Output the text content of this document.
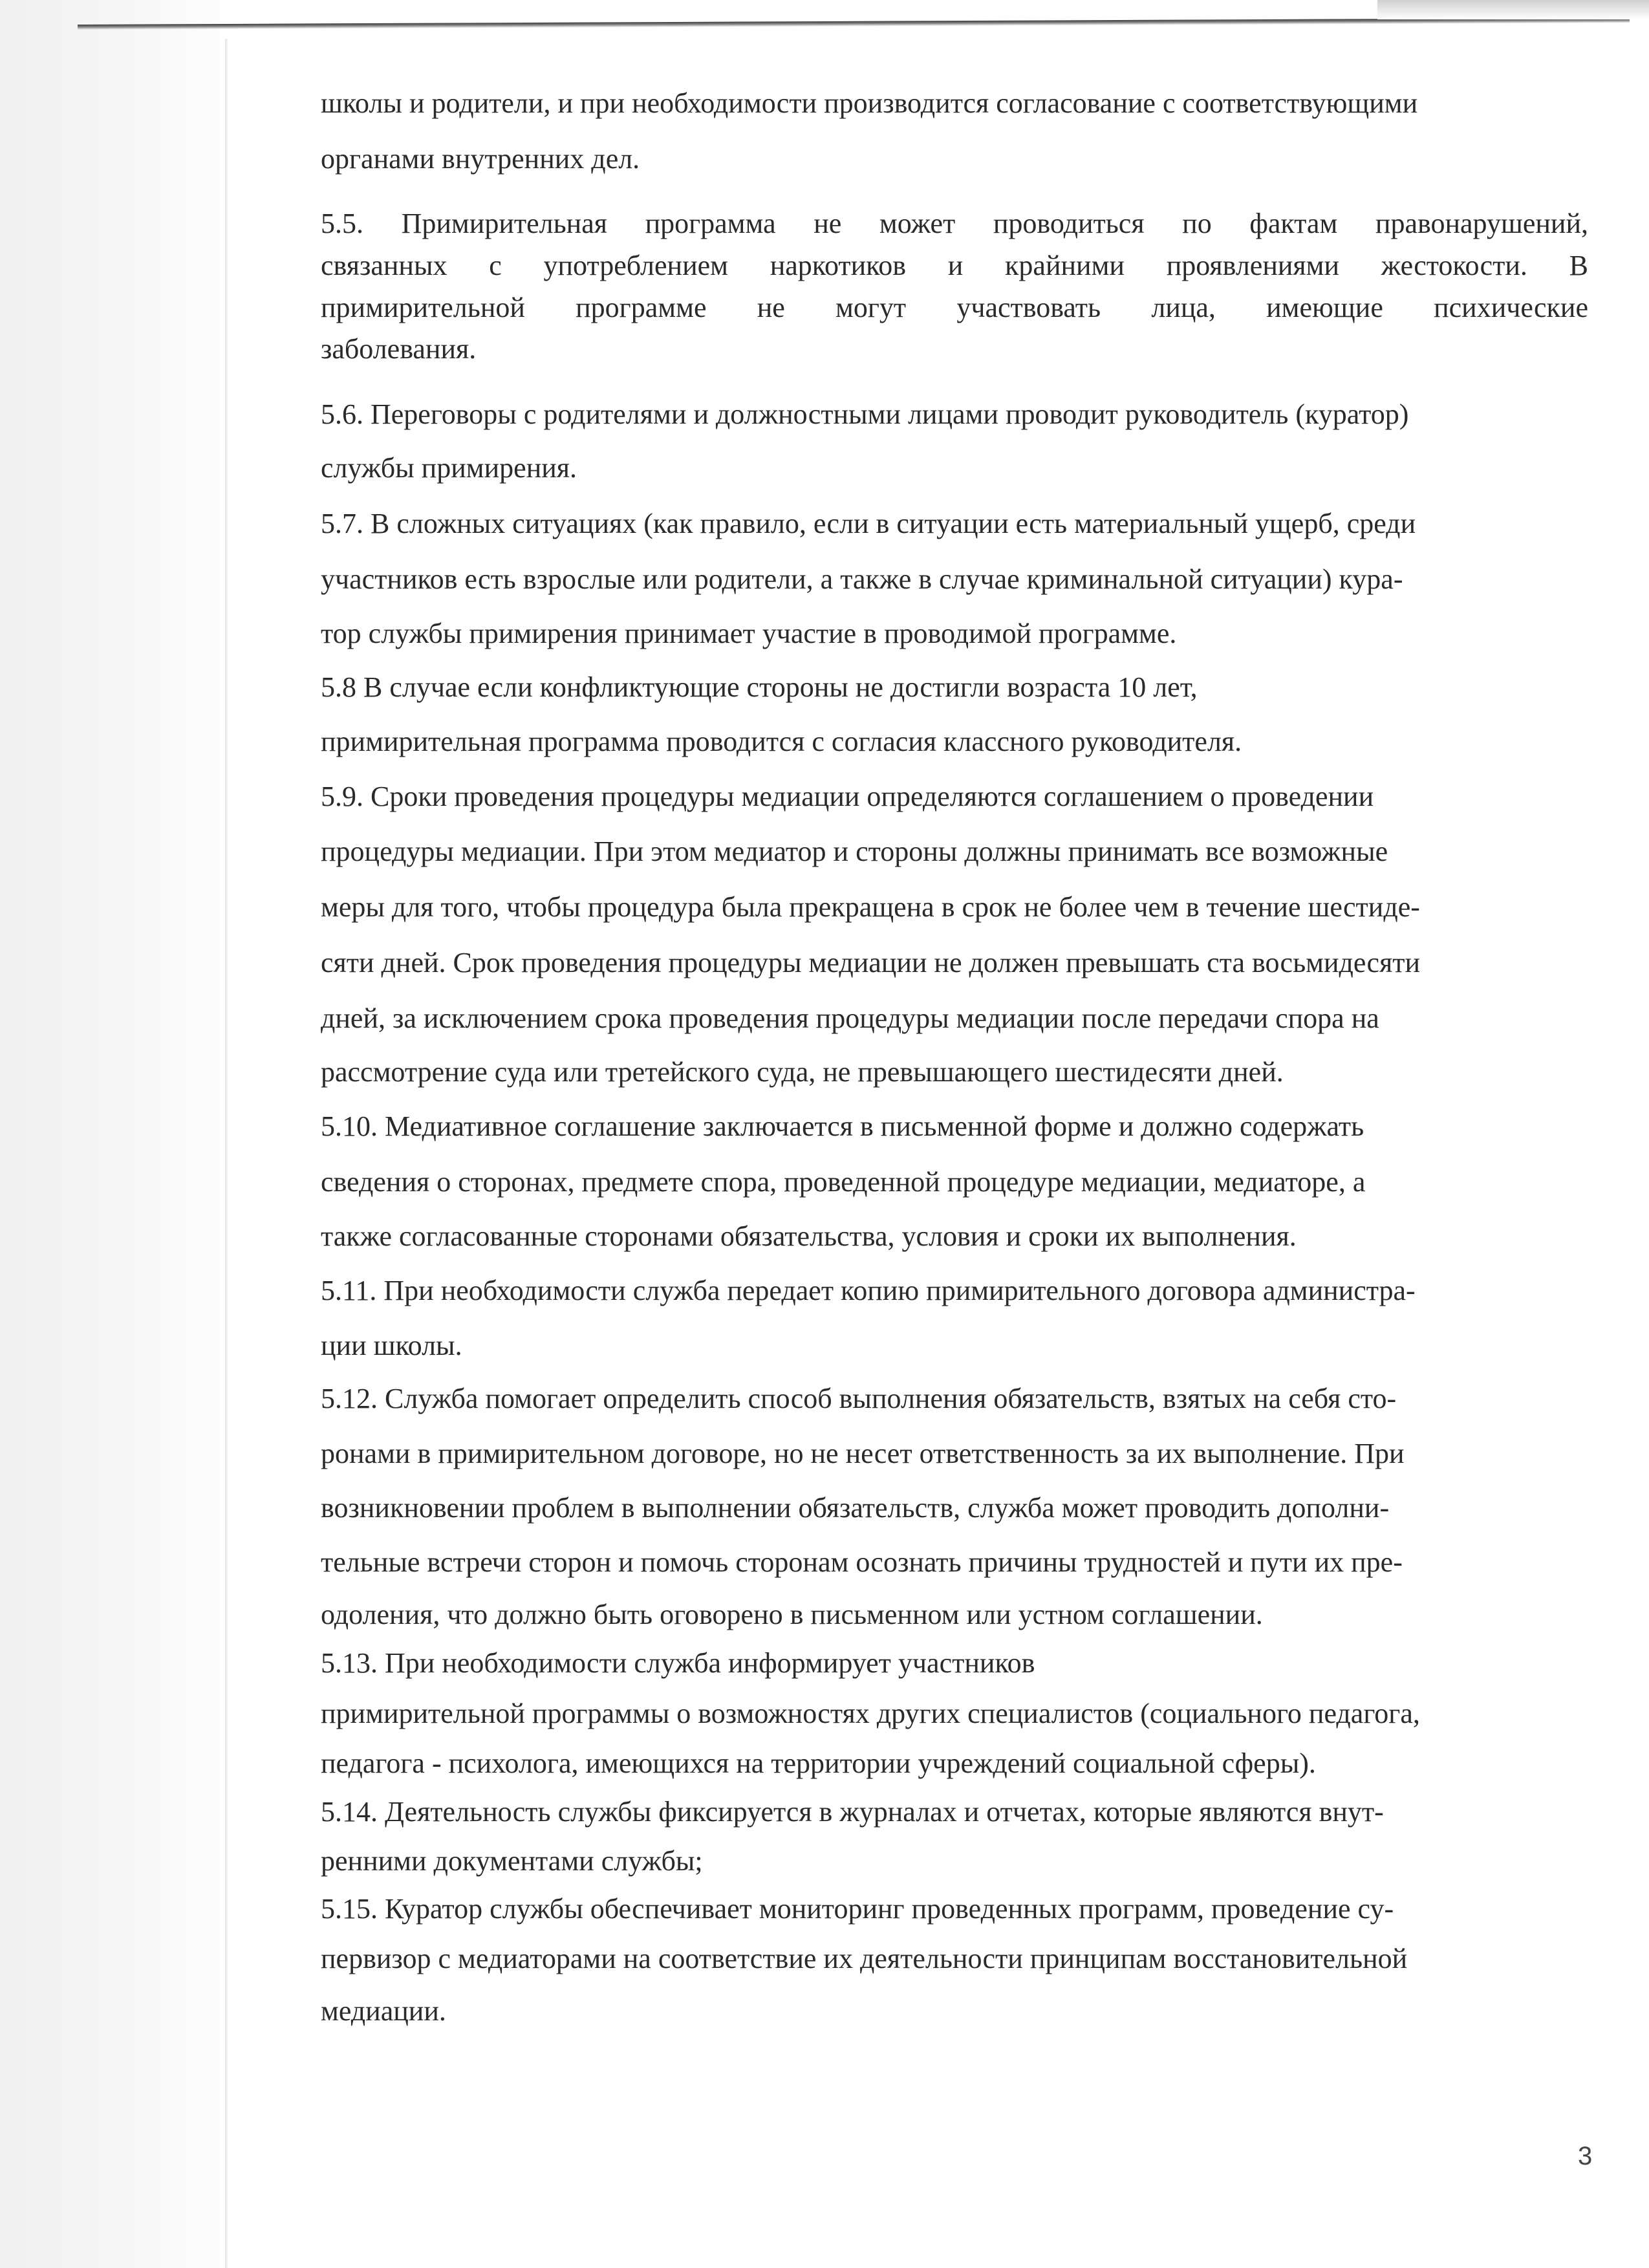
школы и родители, и при необходимости производится согласование с соответствующими
органами внутренних дел.
5.5. Примирительная программа не может проводиться по фактам правонарушений,
связанных с употреблением наркотиков и крайними проявлениями жестокости. В
примирительной программе не могут участвовать лица, имеющие психические
заболевания.
5.6. Переговоры с родителями и должностными лицами проводит руководитель (куратор)
службы примирения.
5.7. В сложных ситуациях (как правило, если в ситуации есть материальный ущерб, среди
участников есть взрослые или родители, а также в случае криминальной ситуации) кура-
тор службы примирения принимает участие в проводимой программе.
5.8 В случае если конфликтующие стороны не достигли возраста 10 лет,
примирительная программа проводится с согласия классного руководителя.
5.9. Сроки проведения процедуры медиации определяются соглашением о проведении
процедуры медиации. При этом медиатор и стороны должны принимать все возможные
меры для того, чтобы процедура была прекращена в срок не более чем в течение шестиде-
сяти дней. Срок проведения процедуры медиации не должен превышать ста восьмидесяти
дней, за исключением срока проведения процедуры медиации после передачи спора на
рассмотрение суда или третейского суда, не превышающего шестидесяти дней.
5.10. Медиативное соглашение заключается в письменной форме и должно содержать
сведения о сторонах, предмете спора, проведенной процедуре медиации, медиаторе, а
также согласованные сторонами обязательства, условия и сроки их выполнения.
5.11. При необходимости служба передает копию примирительного договора администра-
ции школы.
5.12. Служба помогает определить способ выполнения обязательств, взятых на себя сто-
ронами в примирительном договоре, но не несет ответственность за их выполнение. При
возникновении проблем в выполнении обязательств, служба может проводить дополни-
тельные встречи сторон и помочь сторонам осознать причины трудностей и пути их пре-
одоления, что должно быть оговорено в письменном или устном соглашении.
5.13. При необходимости служба информирует участников
примирительной программы о возможностях других специалистов (социального педагога,
педагога - психолога, имеющихся на территории учреждений социальной сферы).
5.14. Деятельность службы фиксируется в журналах и отчетах, которые являются внут-
ренними документами службы;
5.15. Куратор службы обеспечивает мониторинг проведенных программ, проведение су-
первизор с медиаторами на соответствие их деятельности принципам восстановительной
медиации.
3
